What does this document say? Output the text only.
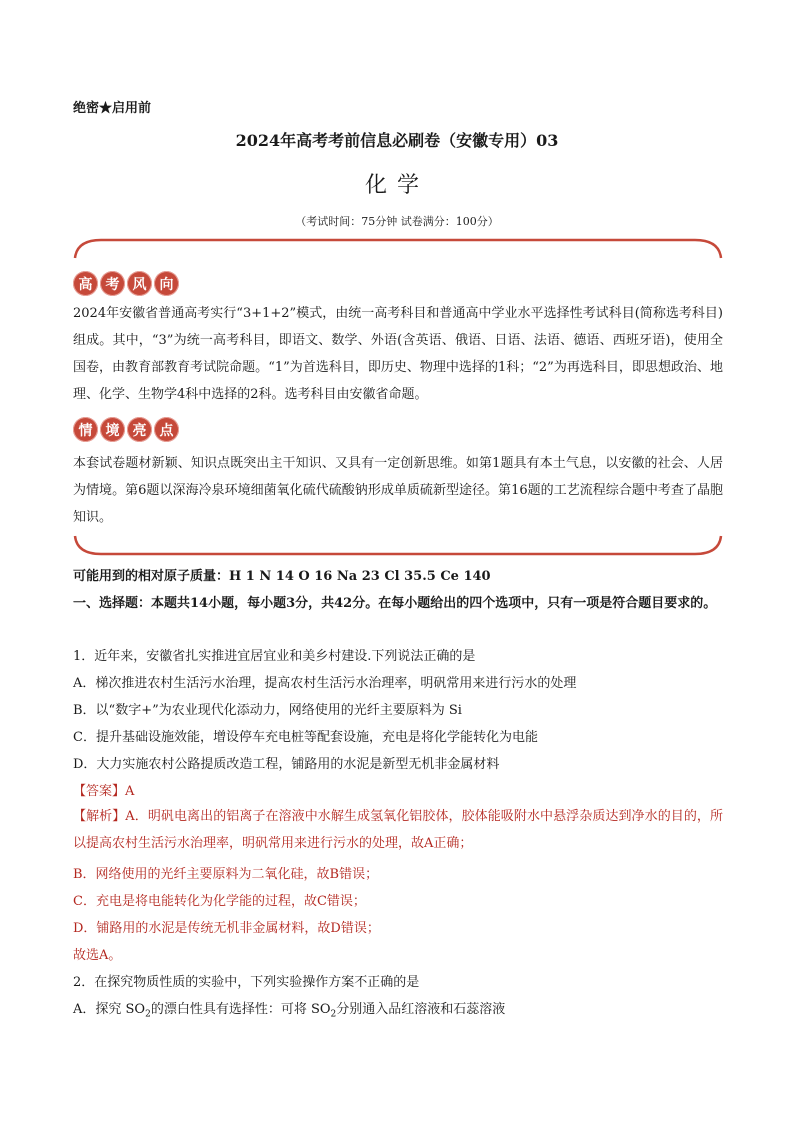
绝密★启用前
2024年高考考前信息必刷卷（安徽专用）03
化学
（考试时间：75分钟 试卷满分：100分）
高 考 风 向
2024年安徽省普通高考实行“3+1+2”模式，由统一高考科目和普通高中学业水平选择性考试科目(简称选考科目)组成。其中，“3”为统一高考科目，即语文、数学、外语(含英语、俄语、日语、法语、德语、西班牙语)，使用全国卷，由教育部教育考试院命题。“1”为首选科目，即历史、物理中选择的1科；“2”为再选科目，即思想政治、地理、化学、生物学4科中选择的2科。选考科目由安徽省命题。
情 境 亮 点
本套试卷题材新颖、知识点既突出主干知识、又具有一定创新思维。如第1题具有本土气息，以安徽的社会、人居为情境。第6题以深海冷泉环境细菌氧化硫代硫酸钠形成单质硫新型途径。第16题的工艺流程综合题中考查了晶胞知识。
可能用到的相对原子质量：H 1 N 14 O 16 Na 23 Cl 35.5 Ce 140
一、选择题：本题共14小题，每小题3分，共42分。在每小题给出的四个选项中，只有一项是符合题目要求的。
1．近年来，安徽省扎实推进宜居宜业和美乡村建设.下列说法正确的是
A．梯次推进农村生活污水治理，提高农村生活污水治理率，明矾常用来进行污水的处理
B．以“数字+”为农业现代化添动力，网络使用的光纤主要原料为 Si
C．提升基础设施效能，增设停车充电桩等配套设施，充电是将化学能转化为电能
D．大力实施农村公路提质改造工程，铺路用的水泥是新型无机非金属材料
【答案】A
【解析】A．明矾电离出的铝离子在溶液中水解生成氢氧化铝胶体，胶体能吸附水中悬浮杂质达到净水的目的，所以提高农村生活污水治理率，明矾常用来进行污水的处理，故A正确；
B．网络使用的光纤主要原料为二氧化硅，故B错误；
C．充电是将电能转化为化学能的过程，故C错误；
D．铺路用的水泥是传统无机非金属材料，故D错误；
故选A。
2．在探究物质性质的实验中，下列实验操作方案不正确的是
A．探究 $SO_2$的漂白性具有选择性：可将 $SO_2$分别通入品红溶液和石蕊溶液
